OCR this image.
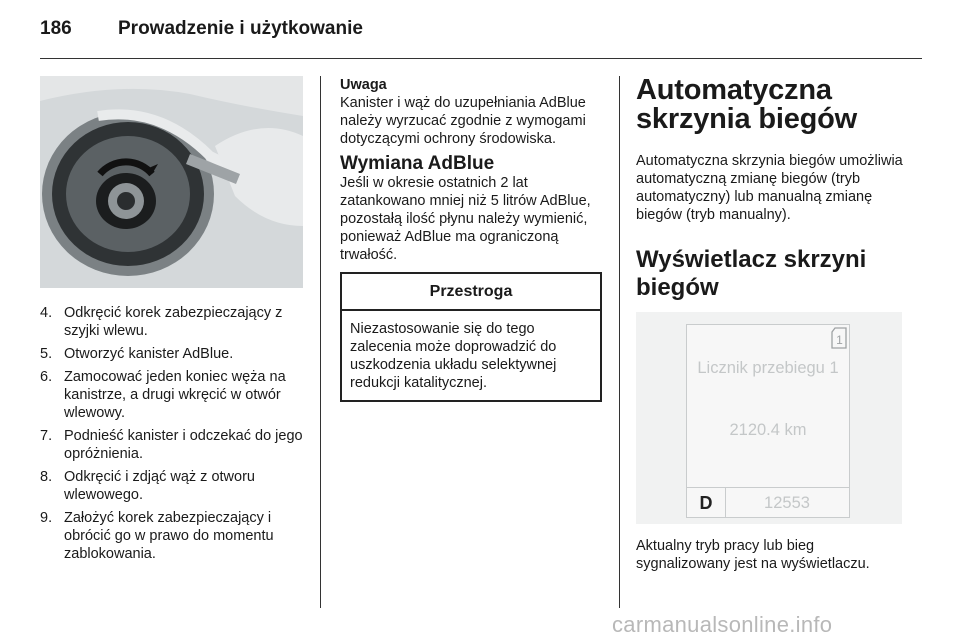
186 Prowadzenie i użytkowanie
4. Odkręcić korek zabezpieczający z szyjki wlewu.
5. Otworzyć kanister AdBlue.
6. Zamocować jeden koniec węża na kanistrze, a drugi wkręcić w otwór wlewowy.
7. Podnieść kanister i odczekać do jego opróżnienia.
8. Odkręcić i zdjąć wąż z otworu wlewowego.
9. Założyć korek zabezpieczający i obrócić go w prawo do momentu zablokowania.
Uwaga
Kanister i wąż do uzupełniania AdBlue należy wyrzucać zgodnie z wymogami dotyczącymi ochrony środowiska.
Wymiana AdBlue
Jeśli w okresie ostatnich 2 lat zatankowano mniej niż 5 litrów AdBlue, pozostałą ilość płynu należy wymienić, ponieważ AdBlue ma ograniczoną trwałość.
Przestroga
Niezastosowanie się do tego zalecenia może doprowadzić do uszkodzenia układu selektywnej redukcji katalitycznej.
Automatyczna skrzynia biegów
Automatyczna skrzynia biegów umożliwia automatyczną zmianę biegów (tryb automatyczny) lub manualną zmianę biegów (tryb manualny).
Wyświetlacz skrzyni biegów
1
Licznik przebiegu 1
2120.4 km
D	12553
Aktualny tryb pracy lub bieg sygnalizowany jest na wyświetlaczu.
carmanualsonline.info
